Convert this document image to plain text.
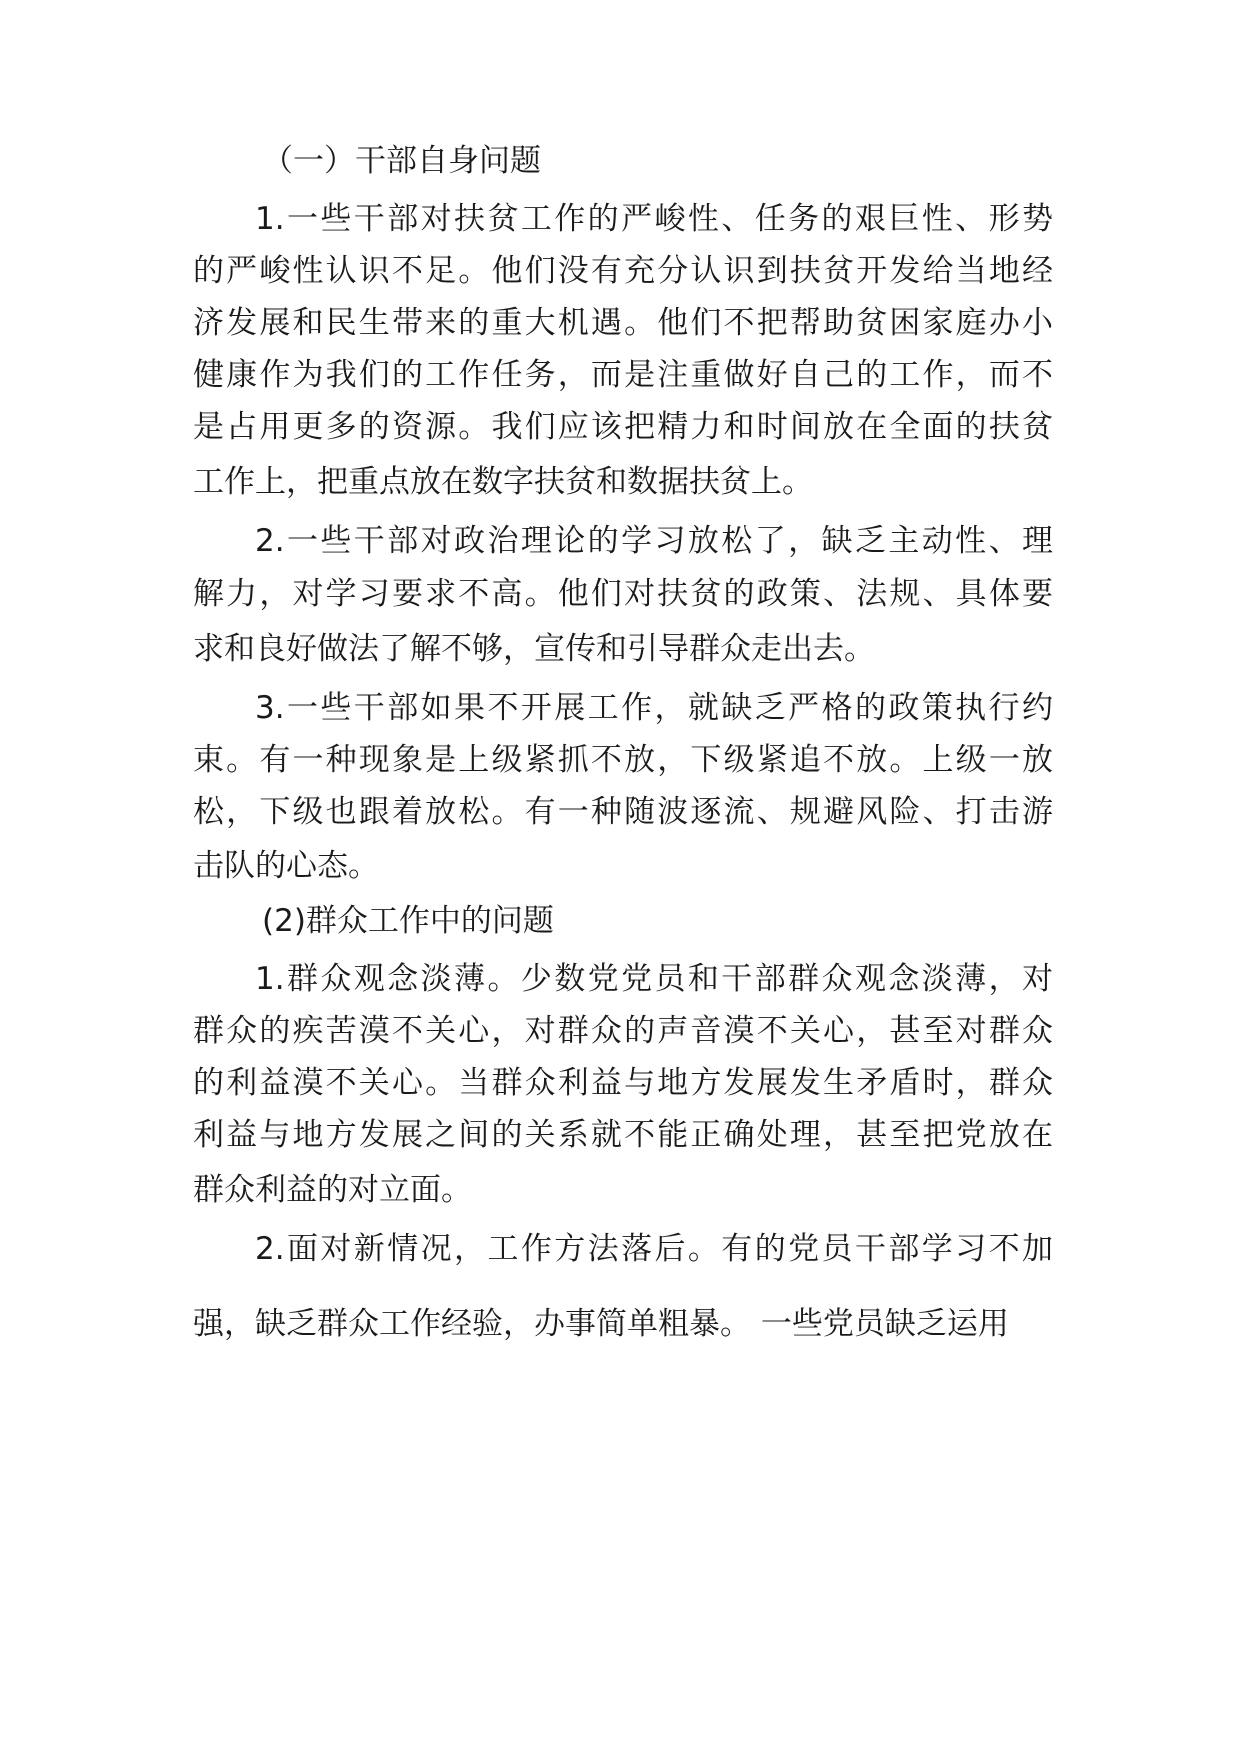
（一）干部自身问题
1.一些干部对扶贫工作的严峻性、任务的艰巨性、形势
的严峻性认识不足。他们没有充分认识到扶贫开发给当地经
济发展和民生带来的重大机遇。他们不把帮助贫困家庭办小
健康作为我们的工作任务，而是注重做好自己的工作，而不
是占用更多的资源。我们应该把精力和时间放在全面的扶贫
工作上，把重点放在数字扶贫和数据扶贫上。
2.一些干部对政治理论的学习放松了，缺乏主动性、理
解力，对学习要求不高。他们对扶贫的政策、法规、具体要
求和良好做法了解不够，宣传和引导群众走出去。
3.一些干部如果不开展工作，就缺乏严格的政策执行约
束。有一种现象是上级紧抓不放，下级紧追不放。上级一放
松，下级也跟着放松。有一种随波逐流、规避风险、打击游
击队的心态。
(2)群众工作中的问题
1.群众观念淡薄。少数党党员和干部群众观念淡薄，对
群众的疾苦漠不关心，对群众的声音漠不关心，甚至对群众
的利益漠不关心。当群众利益与地方发展发生矛盾时，群众
利益与地方发展之间的关系就不能正确处理，甚至把党放在
群众利益的对立面。
2.面对新情况，工作方法落后。有的党员干部学习不加
强，缺乏群众工作经验，办事简单粗暴。 一些党员缺乏运用
